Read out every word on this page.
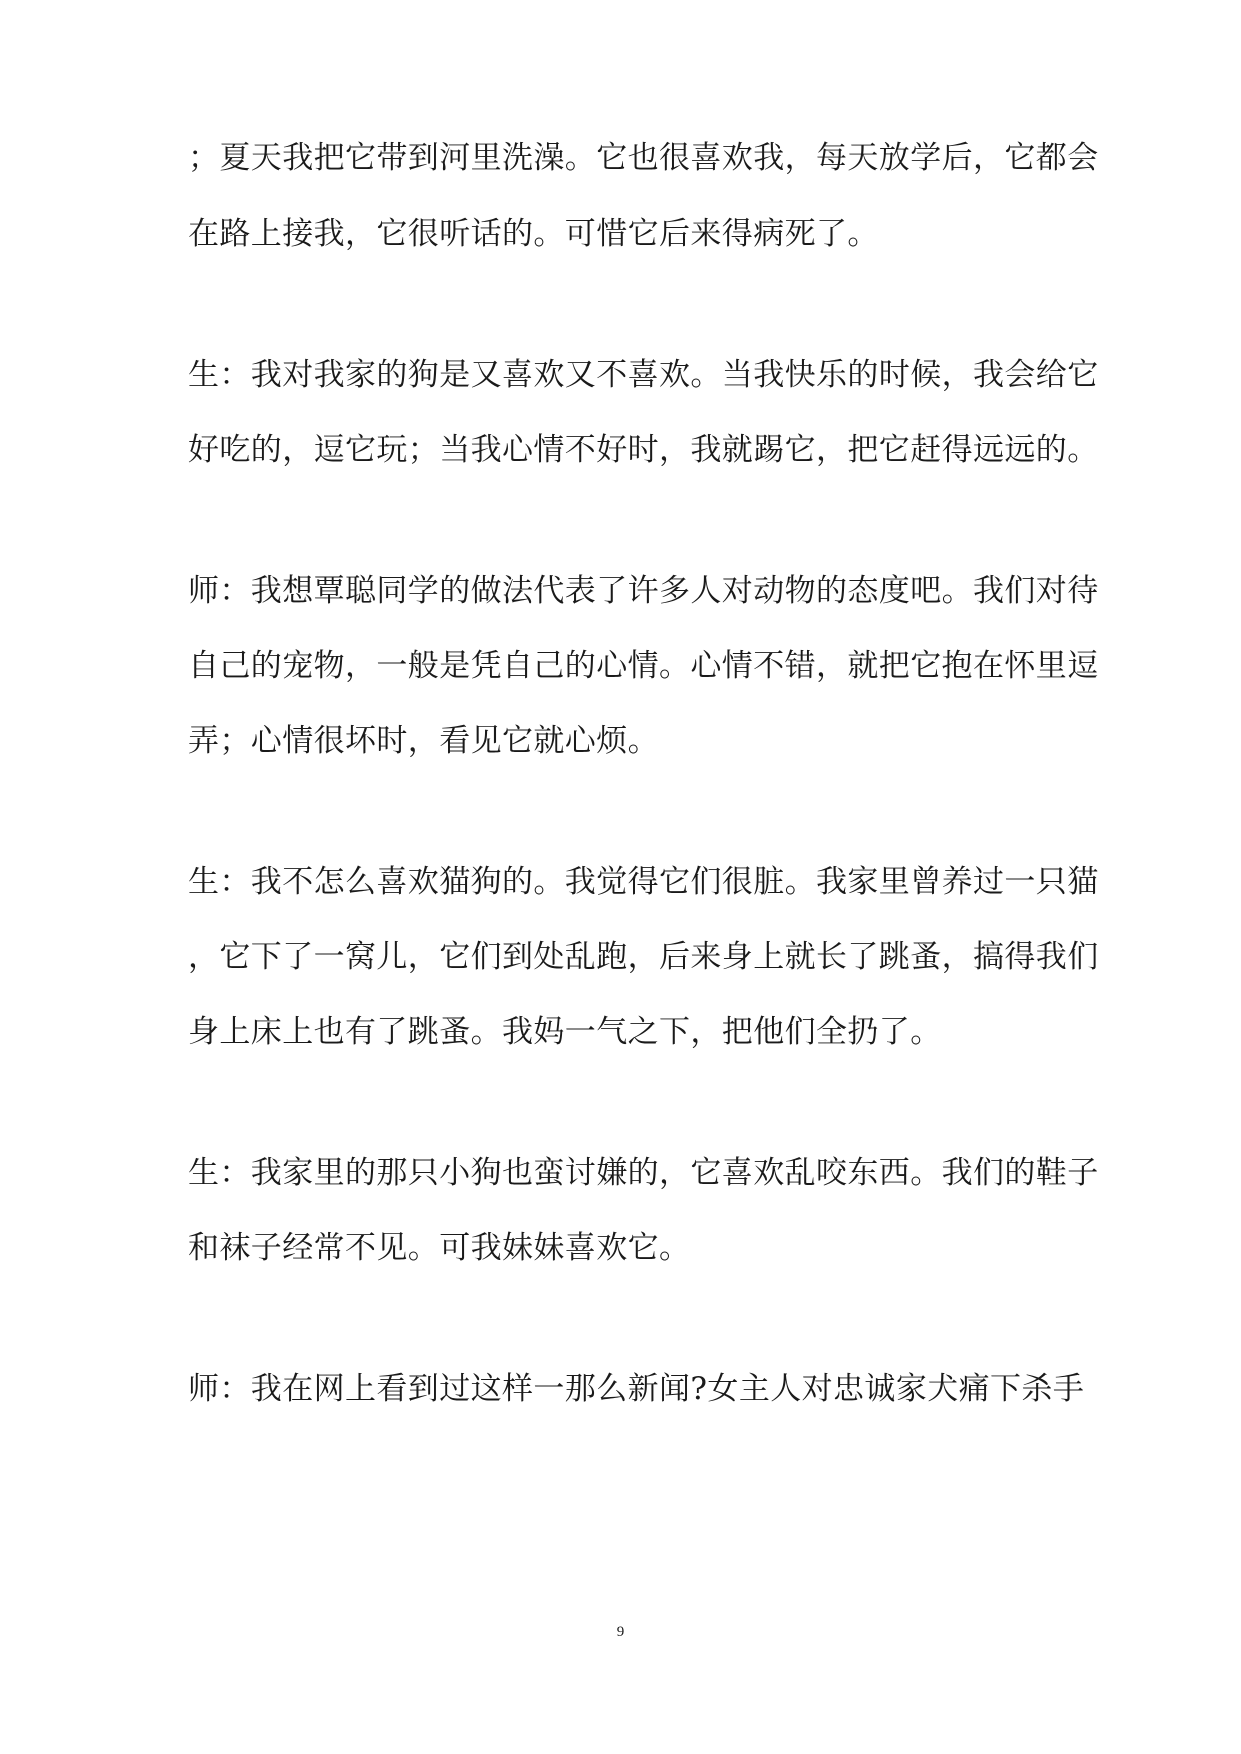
；夏天我把它带到河里洗澡。它也很喜欢我，每天放学后，它都会
在路上接我，它很听话的。可惜它后来得病死了。
生：我对我家的狗是又喜欢又不喜欢。当我快乐的时候，我会给它
好吃的，逗它玩；当我心情不好时，我就踢它，把它赶得远远的。
师：我想覃聪同学的做法代表了许多人对动物的态度吧。我们对待
自己的宠物，一般是凭自己的心情。心情不错，就把它抱在怀里逗
弄；心情很坏时，看见它就心烦。
生：我不怎么喜欢猫狗的。我觉得它们很脏。我家里曾养过一只猫
，它下了一窝儿，它们到处乱跑，后来身上就长了跳蚤，搞得我们
身上床上也有了跳蚤。我妈一气之下，把他们全扔了。
生：我家里的那只小狗也蛮讨嫌的，它喜欢乱咬东西。我们的鞋子
和袜子经常不见。可我妹妹喜欢它。
师：我在网上看到过这样一那么新闻?女主人对忠诚家犬痛下杀手
9
